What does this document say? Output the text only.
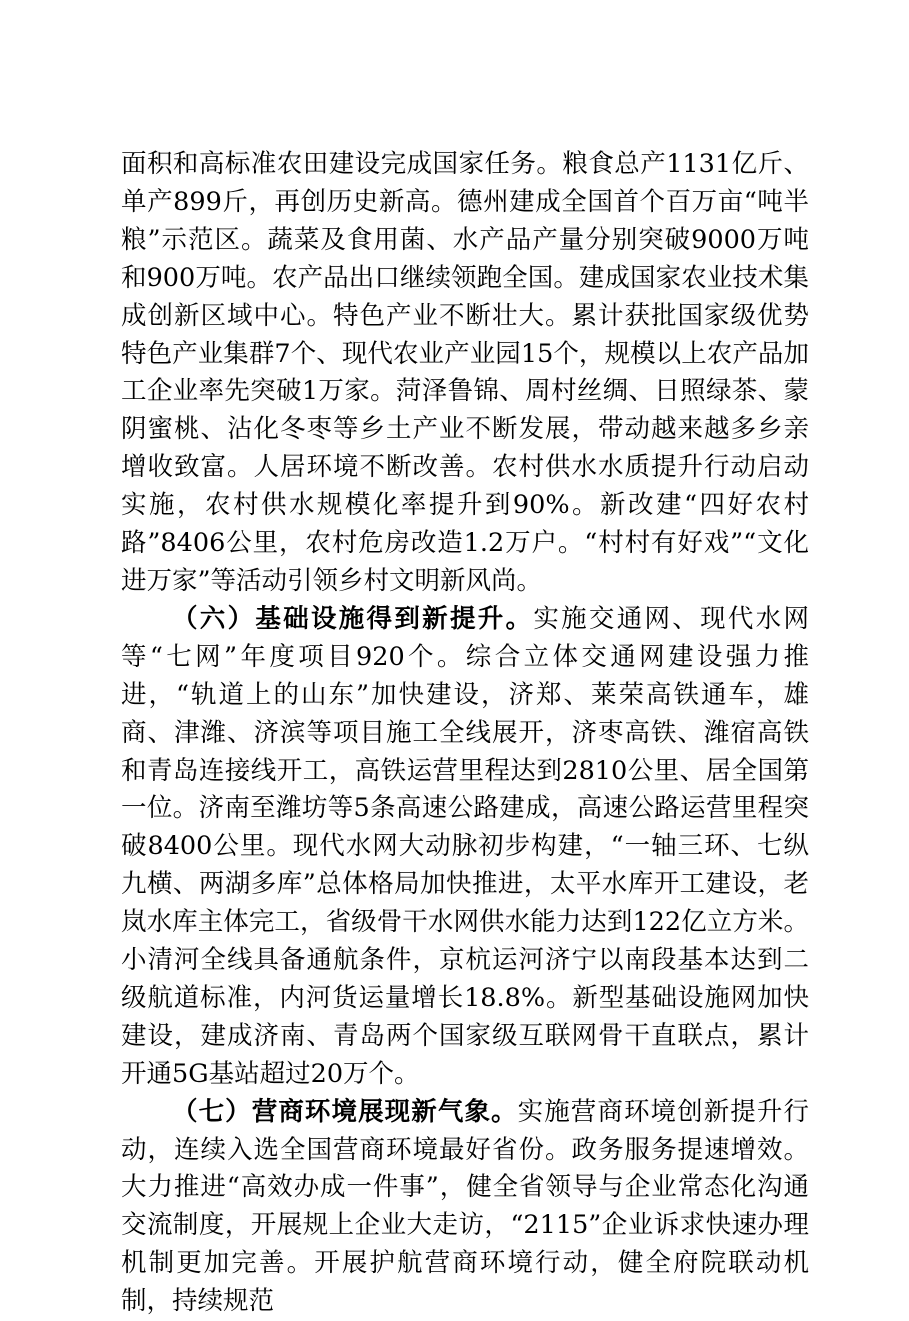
面积和高标准农田建设完成国家任务。粮食总产1131亿斤、单产899斤，再创历史新高。德州建成全国首个百万亩“吨半粮”示范区。蔬菜及食用菌、水产品产量分别突破9000万吨和900万吨。农产品出口继续领跑全国。建成国家农业技术集成创新区域中心。特色产业不断壮大。累计获批国家级优势特色产业集群7个、现代农业产业园15个，规模以上农产品加工企业率先突破1万家。菏泽鲁锦、周村丝绸、日照绿茶、蒙阴蜜桃、沾化冬枣等乡土产业不断发展，带动越来越多乡亲增收致富。人居环境不断改善。农村供水水质提升行动启动实施，农村供水规模化率提升到90%。新改建“四好农村路”8406公里，农村危房改造1.2万户。“村村有好戏”“文化进万家”等活动引领乡村文明新风尚。

（六）基础设施得到新提升。实施交通网、现代水网等“七网”年度项目920个。综合立体交通网建设强力推进，“轨道上的山东”加快建设，济郑、莱荣高铁通车，雄商、津潍、济滨等项目施工全线展开，济枣高铁、潍宿高铁和青岛连接线开工，高铁运营里程达到2810公里、居全国第一位。济南至潍坊等5条高速公路建成，高速公路运营里程突破8400公里。现代水网大动脉初步构建，“一轴三环、七纵九横、两湖多库”总体格局加快推进，太平水库开工建设，老岚水库主体完工，省级骨干水网供水能力达到122亿立方米。小清河全线具备通航条件，京杭运河济宁以南段基本达到二级航道标准，内河货运量增长18.8%。新型基础设施网加快建设，建成济南、青岛两个国家级互联网骨干直联点，累计开通5G基站超过20万个。

（七）营商环境展现新气象。实施营商环境创新提升行动，连续入选全国营商环境最好省份。政务服务提速增效。大力推进“高效办成一件事”，健全省领导与企业常态化沟通交流制度，开展规上企业大走访，“2115”企业诉求快速办理机制更加完善。开展护航营商环境行动，健全府院联动机制，持续规范
